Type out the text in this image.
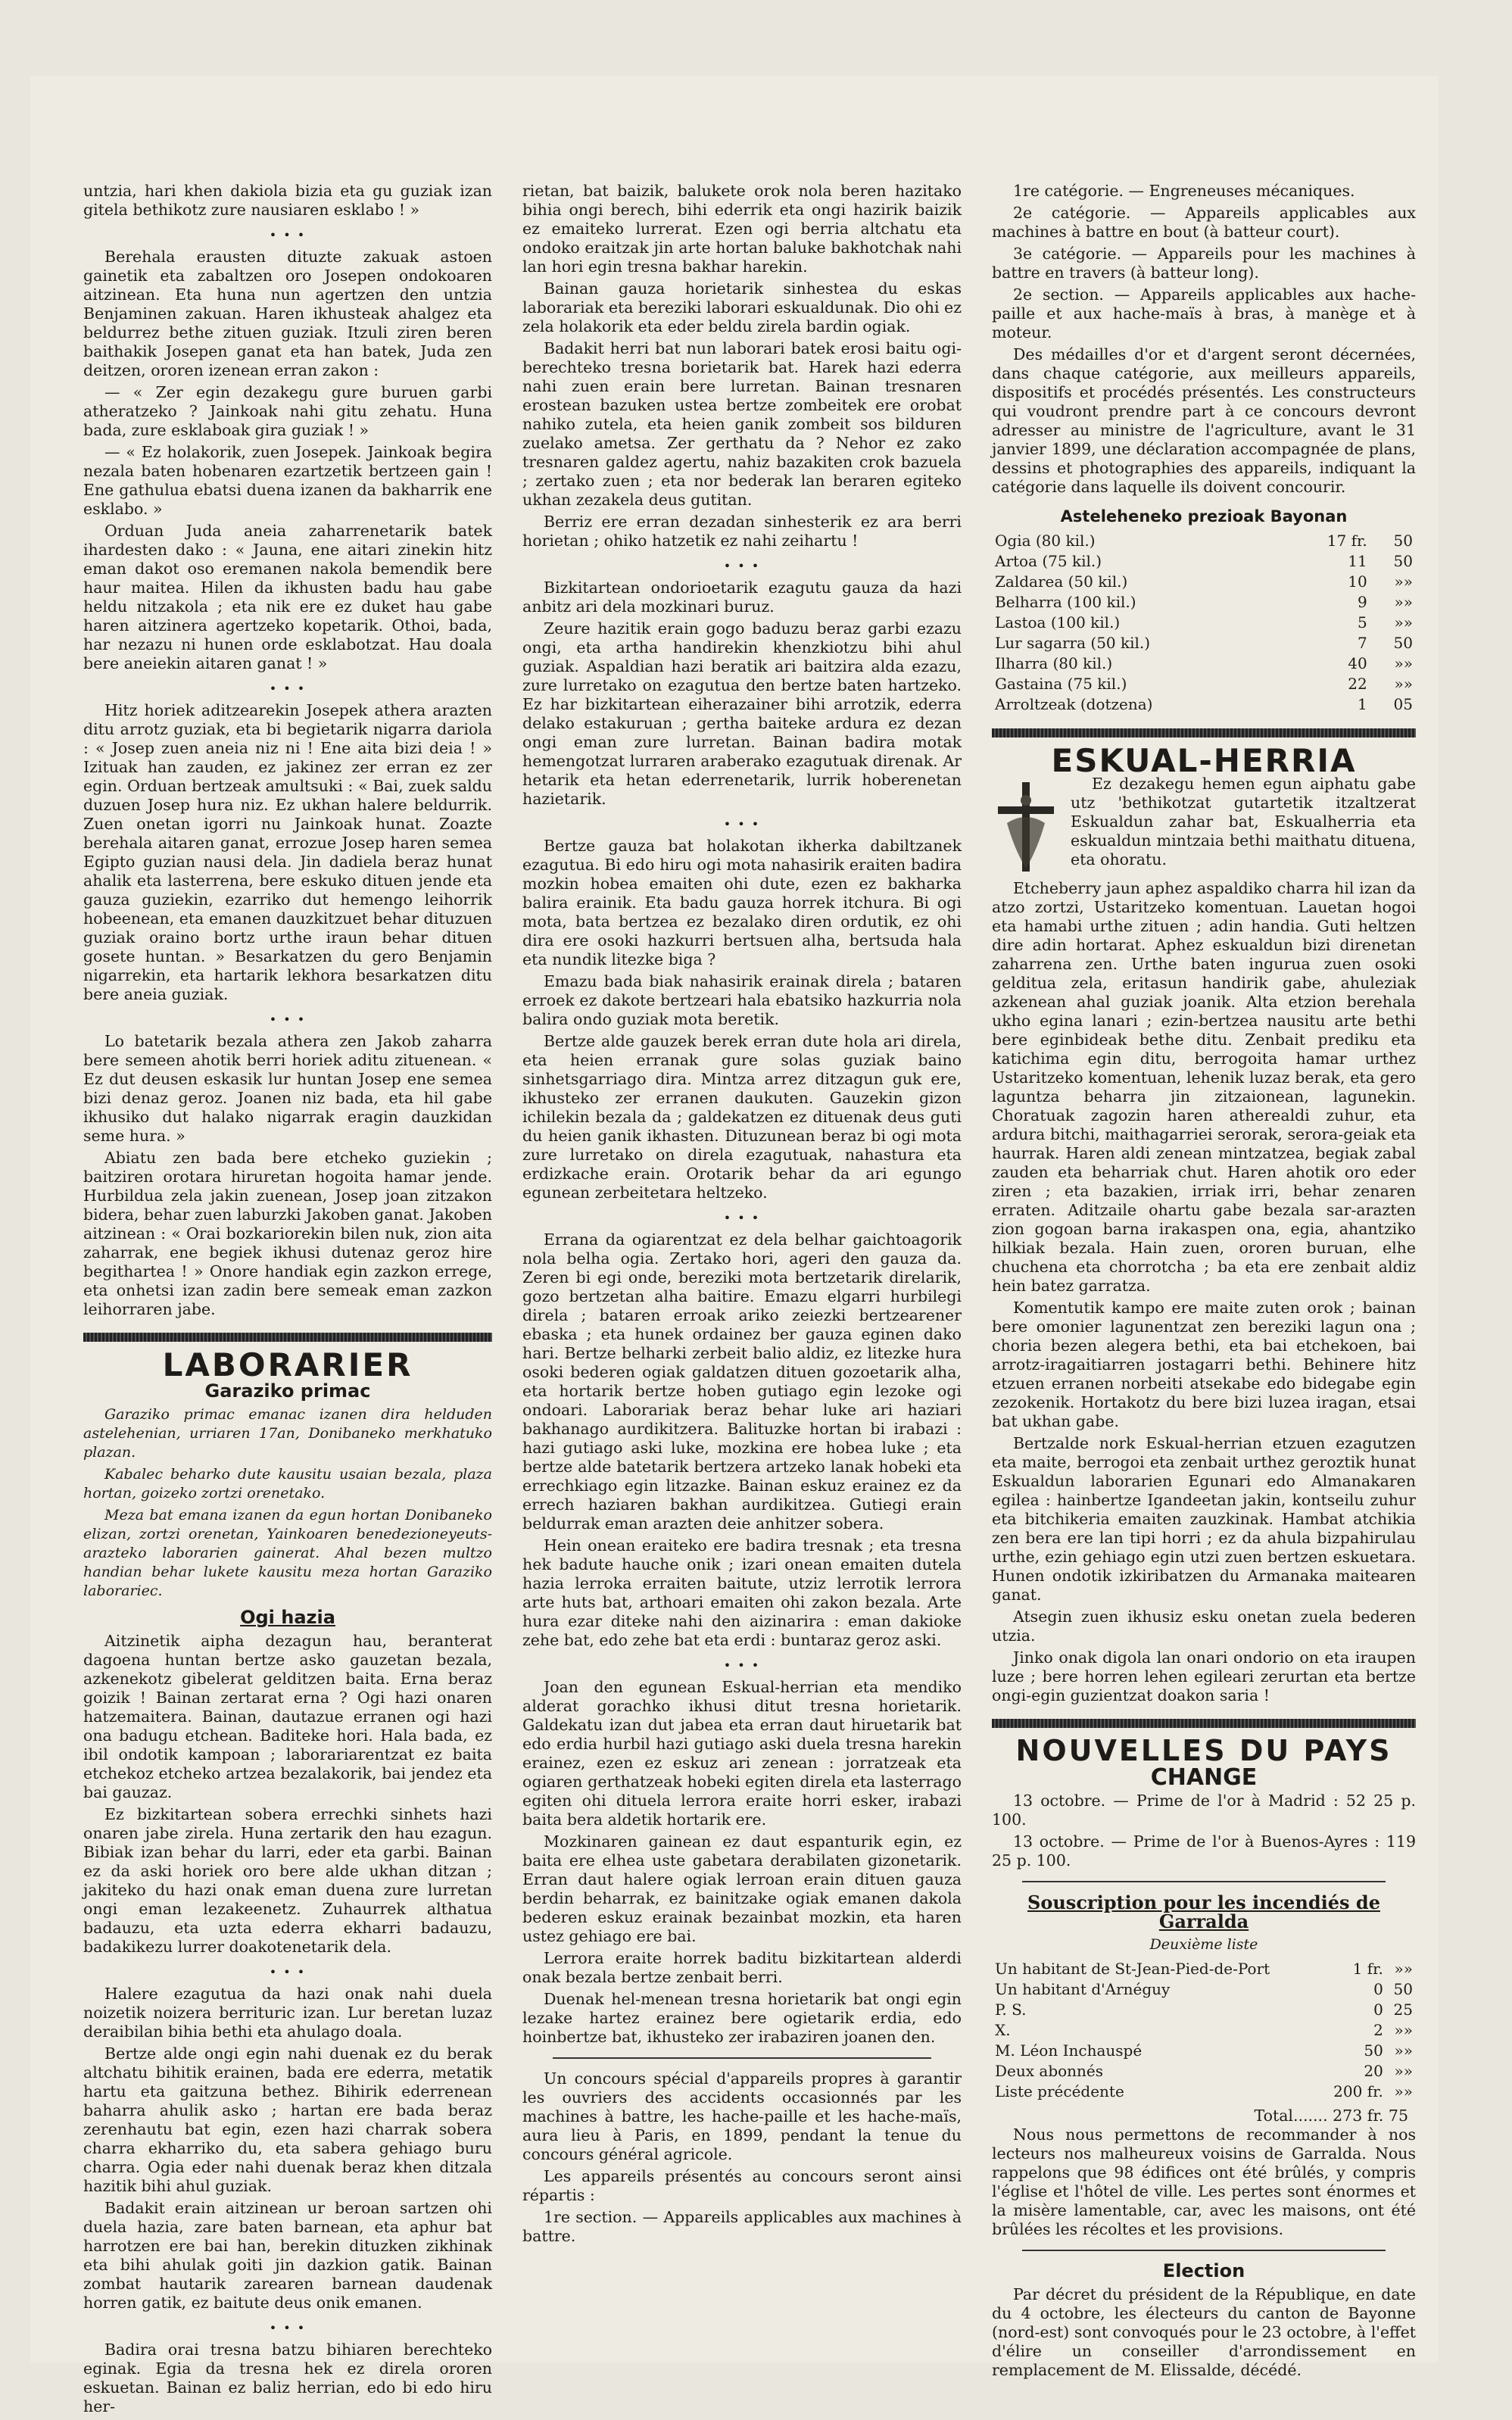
untzia, hari khen dakiola bizia eta gu guziak izan gitela bethikotz zure nausiaren esklabo ! »

• • •

Berehala erausten dituzte zakuak astoen gainetik eta zabaltzen oro Josepen ondokoaren aitzinean. Eta huna nun agertzen den untzia Benjaminen zakuan. Haren ikhusteak ahalgez eta beldurrez bethe zituen guziak. Itzuli ziren beren baithakik Josepen ganat eta han batek, Juda zen deitzen, ororen izenean erran zakon :

— « Zer egin dezakegu gure buruen garbi atheratzeko ? Jainkoak nahi gitu zehatu. Huna bada, zure esklaboak gira guziak ! »

— « Ez holakorik, zuen Josepek. Jainkoak begira nezala baten hobenaren ezartzetik bertzeen gain ! Ene gathulua ebatsi duena izanen da bakharrik ene esklabo. »

Orduan Juda aneia zaharrenetarik batek ihardesten dako : « Jauna, ene aitari zinekin hitz eman dakot oso eremanen nakola bemendik bere haur maitea. Hilen da ikhusten badu hau gabe heldu nitzakola ; eta nik ere ez duket hau gabe haren aitzinera agertzeko kopetarik. Othoi, bada, har nezazu ni hunen orde esklabotzat. Hau doala bere aneiekin aitaren ganat ! »

• • •

Hitz horiek aditzearekin Josepek athera arazten ditu arrotz guziak, eta bi begietarik nigarra dariola : « Josep zuen aneia niz ni ! Ene aita bizi deia ! » Izituak han zauden, ez jakinez zer erran ez zer egin. Orduan bertzeak amultsuki : « Bai, zuek saldu duzuen Josep hura niz. Ez ukhan halere beldurrik. Zuen onetan igorri nu Jainkoak hunat. Zoazte berehala aitaren ganat, errozue Josep haren semea Egipto guzian nausi dela. Jin dadiela beraz hunat ahalik eta lasterrena, bere eskuko dituen jende eta gauza guziekin, ezarriko dut hemengo leihorrik hobeenean, eta emanen dauzkitzuet behar dituzuen guziak oraino bortz urthe iraun behar dituen gosete huntan. » Besarkatzen du gero Benjamin nigarrekin, eta hartarik lekhora besarkatzen ditu bere aneia guziak.

• • •

Lo batetarik bezala athera zen Jakob zaharra bere semeen ahotik berri horiek aditu zituenean. « Ez dut deusen eskasik lur huntan Josep ene semea bizi denaz geroz. Joanen niz bada, eta hil gabe ikhusiko dut halako nigarrak eragin dauzkidan seme hura. »

Abiatu zen bada bere etcheko guziekin ; baitziren orotara hiruretan hogoita hamar jende. Hurbildua zela jakin zuenean, Josep joan zitzakon bidera, behar zuen laburzki Jakoben ganat. Jakoben aitzinean : « Orai bozkariorekin bilen nuk, zion aita zaharrak, ene begiek ikhusi dutenaz geroz hire begithartea ! » Onore handiak egin zazkon errege, eta onhetsi izan zadin bere semeak eman zazkon leihorraren jabe.

LABORARIER
Garaziko primac

Garaziko primac emanac izanen dira helduden astelehenian, urriaren 17an, Donibaneko merkhatuko plazan.

Kabalec beharko dute kausitu usaian bezala, plaza hortan, goizeko zortzi orenetako.

Meza bat emana izanen da egun hortan Donibaneko elizan, zortzi orenetan, Yainkoaren benedezioneyeuts-arazteko laborarien gainerat. Ahal bezen multzo handian behar lukete kausitu meza hortan Garaziko laborariec.

Ogi hazia

Aitzinetik aipha dezagun hau, beranterat dagoena huntan bertze asko gauzetan bezala, azkenekotz gibelerat gelditzen baita. Erna beraz goizik ! Bainan zertarat erna ? Ogi hazi onaren hatzemaitera. Bainan, dautazue erranen ogi hazi ona badugu etchean. Baditeke hori. Hala bada, ez ibil ondotik kampoan ; laborariarentzat ez baita etchekoz etcheko artzea bezalakorik, bai jendez eta bai gauzaz.

Ez bizkitartean sobera errechki sinhets hazi onaren jabe zirela. Huna zertarik den hau ezagun. Bibiak izan behar du larri, eder eta garbi. Bainan ez da aski horiek oro bere alde ukhan ditzan ; jakiteko du hazi onak eman duena zure lurretan ongi eman lezakeenetz. Zuhaurrek althatua badauzu, eta uzta ederra ekharri badauzu, badakikezu lurrer doakotenetarik dela.

• • •

Halere ezagutua da hazi onak nahi duela noizetik noizera berrituric izan. Lur beretan luzaz deraibilan bihia bethi eta ahulago doala.

Bertze alde ongi egin nahi duenak ez du berak altchatu bihitik erainen, bada ere ederra, metatik hartu eta gaitzuna bethez. Bihirik ederrenean baharra ahulik asko ; hartan ere bada beraz zerenhautu bat egin, ezen hazi charrak sobera charra ekharriko du, eta sabera gehiago buru charra. Ogia eder nahi duenak beraz khen ditzala hazitik bihi ahul guziak.

Badakit erain aitzinean ur beroan sartzen ohi duela hazia, zare baten barnean, eta aphur bat harrotzen ere bai han, berekin dituzken zikhinak eta bihi ahulak goiti jin dazkion gatik. Bainan zombat hautarik zarearen barnean daudenak horren gatik, ez baitute deus onik emanen.

• • •

Badira orai tresna batzu bihiaren berechteko eginak. Egia da tresna hek ez direla ororen eskuetan. Bainan ez baliz herrian, edo bi edo hiru her-

rietan, bat baizik, balukete orok nola beren hazitako bihia ongi berech, bihi ederrik eta ongi hazirik baizik ez emaiteko lurrerat. Ezen ogi berria altchatu eta ondoko eraitzak jin arte hortan baluke bakhotchak nahi lan hori egin tresna bakhar harekin.

Bainan gauza horietarik sinhestea du eskas laborariak eta bereziki laborari eskualdunak. Dio ohi ez zela holakorik eta eder beldu zirela bardin ogiak.

Badakit herri bat nun laborari batek erosi baitu ogi-berechteko tresna borietarik bat. Harek hazi ederra nahi zuen erain bere lurretan. Bainan tresnaren erostean bazuken ustea bertze zombeitek ere orobat nahiko zutela, eta heien ganik zombeit sos bilduren zuelako ametsa. Zer gerthatu da ? Nehor ez zako tresnaren galdez agertu, nahiz bazakiten crok bazuela ; zertako zuen ; eta nor bederak lan beraren egiteko ukhan zezakela deus gutitan.

Berriz ere erran dezadan sinhesterik ez ara berri horietan ; ohiko hatzetik ez nahi zeihartu !

• • •

Bizkitartean ondorioetarik ezagutu gauza da hazi anbitz ari dela mozkinari buruz.

Zeure hazitik erain gogo baduzu beraz garbi ezazu ongi, eta artha handirekin khenzkiotzu bihi ahul guziak. Aspaldian hazi beratik ari baitzira alda ezazu, zure lurretako on ezagutua den bertze baten hartzeko. Ez har bizkitartean eiherazainer bihi arrotzik, ederra delako estakuruan ; gertha baiteke ardura ez dezan ongi eman zure lurretan. Bainan badira motak hemengotzat lurraren araberako ezagutuak direnak. Ar hetarik eta hetan ederrenetarik, lurrik hoberenetan hazietarik.

• • •

Bertze gauza bat holakotan ikherka dabiltzanek ezagutua. Bi edo hiru ogi mota nahasirik eraiten badira mozkin hobea emaiten ohi dute, ezen ez bakharka balira erainik. Eta badu gauza horrek itchura. Bi ogi mota, bata bertzea ez bezalako diren ordutik, ez ohi dira ere osoki hazkurri bertsuen alha, bertsuda hala eta nundik litezke biga ?

Emazu bada biak nahasirik erainak direla ; bataren erroek ez dakote bertzeari hala ebatsiko hazkurria nola balira ondo guziak mota beretik.

Bertze alde gauzek berek erran dute hola ari direla, eta heien erranak gure solas guziak baino sinhetsgarriago dira. Mintza arrez ditzagun guk ere, ikhusteko zer erranen daukuten. Gauzekin gizon ichilekin bezala da ; galdekatzen ez dituenak deus guti du heien ganik ikhasten. Dituzunean beraz bi ogi mota zure lurretako on direla ezagutuak, nahastura eta erdizkache erain. Orotarik behar da ari egungo egunean zerbeitetara heltzeko.

• • •

Errana da ogiarentzat ez dela belhar gaichtoagorik nola belha ogia. Zertako hori, ageri den gauza da. Zeren bi egi onde, bereziki mota bertzetarik direlarik, gozo bertzetan alha baitire. Emazu elgarri hurbilegi direla ; bataren erroak ariko zeiezki bertzearener ebaska ; eta hunek ordainez ber gauza eginen dako hari. Bertze belharki zerbeit balio aldiz, ez litezke hura osoki bederen ogiak galdatzen dituen gozoetarik alha, eta hortarik bertze hoben gutiago egin lezoke ogi ondoari. Laborariak beraz behar luke ari haziari bakhanago aurdikitzera. Balituzke hortan bi irabazi : hazi gutiago aski luke, mozkina ere hobea luke ; eta bertze alde batetarik bertzera artzeko lanak hobeki eta errechkiago egin litzazke. Bainan eskuz erainez ez da errech haziaren bakhan aurdikitzea. Gutiegi erain beldurrak eman arazten deie anhitzer sobera.

Hein onean eraiteko ere badira tresnak ; eta tresna hek badute hauche onik ; izari onean emaiten dutela hazia lerroka erraiten baitute, utziz lerrotik lerrora arte huts bat, arthoari emaiten ohi zakon bezala. Arte hura ezar diteke nahi den aizinarira : eman dakioke zehe bat, edo zehe bat eta erdi : buntaraz geroz aski.

• • •

Joan den egunean Eskual-herrian eta mendiko alderat gorachko ikhusi ditut tresna horietarik. Galdekatu izan dut jabea eta erran daut hiruetarik bat edo erdia hurbil hazi gutiago aski duela tresna harekin erainez, ezen ez eskuz ari zenean : jorratzeak eta ogiaren gerthatzeak hobeki egiten direla eta lasterrago egiten ohi dituela lerrora eraite horri esker, irabazi baita bera aldetik hortarik ere.

Mozkinaren gainean ez daut espanturik egin, ez baita ere elhea uste gabetara derabilaten gizonetarik. Erran daut halere ogiak lerroan erain dituen gauza berdin beharrak, ez bainitzake ogiak emanen dakola bederen eskuz erainak bezainbat mozkin, eta haren ustez gehiago ere bai.

Lerrora eraite horrek baditu bizkitartean alderdi onak bezala bertze zenbait berri.

Duenak hel-menean tresna horietarik bat ongi egin lezake hartez erainez bere ogietarik erdia, edo hoinbertze bat, ikhusteko zer irabaziren joanen den.

Un concours spécial d'appareils propres à garantir les ouvriers des accidents occasionnés par les machines à battre, les hache-paille et les hache-maïs, aura lieu à Paris, en 1899, pendant la tenue du concours général agricole.

Les appareils présentés au concours seront ainsi répartis :

1re section. — Appareils applicables aux machines à battre.

1re catégorie. — Engreneuses mécaniques.

2e catégorie. — Appareils applicables aux machines à battre en bout (à batteur court).

3e catégorie. — Appareils pour les machines à battre en travers (à batteur long).

2e section. — Appareils applicables aux hache-paille et aux hache-maïs à bras, à manège et à moteur.

Des médailles d'or et d'argent seront décernées, dans chaque catégorie, aux meilleurs appareils, dispositifs et procédés présentés. Les constructeurs qui voudront prendre part à ce concours devront adresser au ministre de l'agriculture, avant le 31 janvier 1899, une déclaration accompagnée de plans, dessins et photographies des appareils, indiquant la catégorie dans laquelle ils doivent concourir.

Asteleheneko prezioak Bayonan
Ogia (80 kil.)	17 fr.	50
Artoa (75 kil.)	11	50
Zaldarea (50 kil.)	10	»»
Belharra (100 kil.)	9	»»
Lastoa (100 kil.)	5	»»
Lur sagarra (50 kil.)	7	50
Ilharra (80 kil.)	40	»»
Gastaina (75 kil.)	22	»»
Arroltzeak (dotzena)	1	05
ESKUAL-HERRIA

Ez dezakegu hemen egun aiphatu gabe utz 'bethikotzat gutartetik itzaltzerat Eskualdun zahar bat, Eskualherria eta eskualdun mintzaia bethi maithatu dituena, eta ohoratu.

Etcheberry jaun aphez aspaldiko charra hil izan da atzo zortzi, Ustaritzeko komentuan. Lauetan hogoi eta hamabi urthe zituen ; adin handia. Guti heltzen dire adin hortarat. Aphez eskualdun bizi direnetan zaharrena zen. Urthe baten ingurua zuen osoki gelditua zela, eritasun handirik gabe, ahuleziak azkenean ahal guziak joanik. Alta etzion berehala ukho egina lanari ; ezin-bertzea nausitu arte bethi bere eginbideak bethe ditu. Zenbait prediku eta katichima egin ditu, berrogoita hamar urthez Ustaritzeko komentuan, lehenik luzaz berak, eta gero laguntza beharra jin zitzaionean, lagunekin. Choratuak zagozin haren atherealdi zuhur, eta ardura bitchi, maithagarriei serorak, serora-geiak eta haurrak. Haren aldi zenean mintzatzea, begiak zabal zauden eta beharriak chut. Haren ahotik oro eder ziren ; eta bazakien, irriak irri, behar zenaren erraten. Aditzaile ohartu gabe bezala sar-arazten zion gogoan barna irakaspen ona, egia, ahantziko hilkiak bezala. Hain zuen, ororen buruan, elhe chuchena eta chorrotcha ; ba eta ere zenbait aldiz hein batez garratza.

Komentutik kampo ere maite zuten orok ; bainan bere omonier lagunentzat zen bereziki lagun ona ; choria bezen alegera bethi, eta bai etchekoen, bai arrotz-iragaitiarren jostagarri bethi. Behinere hitz etzuen erranen norbeiti atsekabe edo bidegabe egin zezokenik. Hortakotz du bere bizi luzea iragan, etsai bat ukhan gabe.

Bertzalde nork Eskual-herrian etzuen ezagutzen eta maite, berrogoi eta zenbait urthez geroztik hunat Eskualdun laborarien Egunari edo Almanakaren egilea : hainbertze Igandeetan jakin, kontseilu zuhur eta bitchikeria emaiten zauzkinak. Hambat atchikia zen bera ere lan tipi horri ; ez da ahula bizpahirulau urthe, ezin gehiago egin utzi zuen bertzen eskuetara. Hunen ondotik izkiribatzen du Armanaka maitearen ganat.

Atsegin zuen ikhusiz esku onetan zuela bederen utzia.

Jinko onak digola lan onari ondorio on eta iraupen luze ; bere horren lehen egileari zerurtan eta bertze ongi-egin guzientzat doakon saria !

NOUVELLES DU PAYS
CHANGE

13 octobre. — Prime de l'or à Madrid : 52 25 p. 100.

13 octobre. — Prime de l'or à Buenos-Ayres : 119 25 p. 100.

Souscription pour les incendiés de Garralda
Deuxième liste
Un habitant de St-Jean-Pied-de-Port	1 fr.	»»
Un habitant d'Arnéguy	0	50
P. S.	0	25
X.	2	»»
M. Léon Inchauspé	50	»»
Deux abonnés	20	»»
Liste précédente	200 fr.	»»
Total....... 273 fr. 75

Nous nous permettons de recommander à nos lecteurs nos malheureux voisins de Garralda. Nous rappelons que 98 édifices ont été brûlés, y compris l'église et l'hôtel de ville. Les pertes sont énormes et la misère lamentable, car, avec les maisons, ont été brûlées les récoltes et les provisions.

Election

Par décret du président de la République, en date du 4 octobre, les électeurs du canton de Bayonne (nord-est) sont convoqués pour le 23 octobre, à l'effet d'élire un conseiller d'arrondissement en remplacement de M. Elissalde, décédé.
